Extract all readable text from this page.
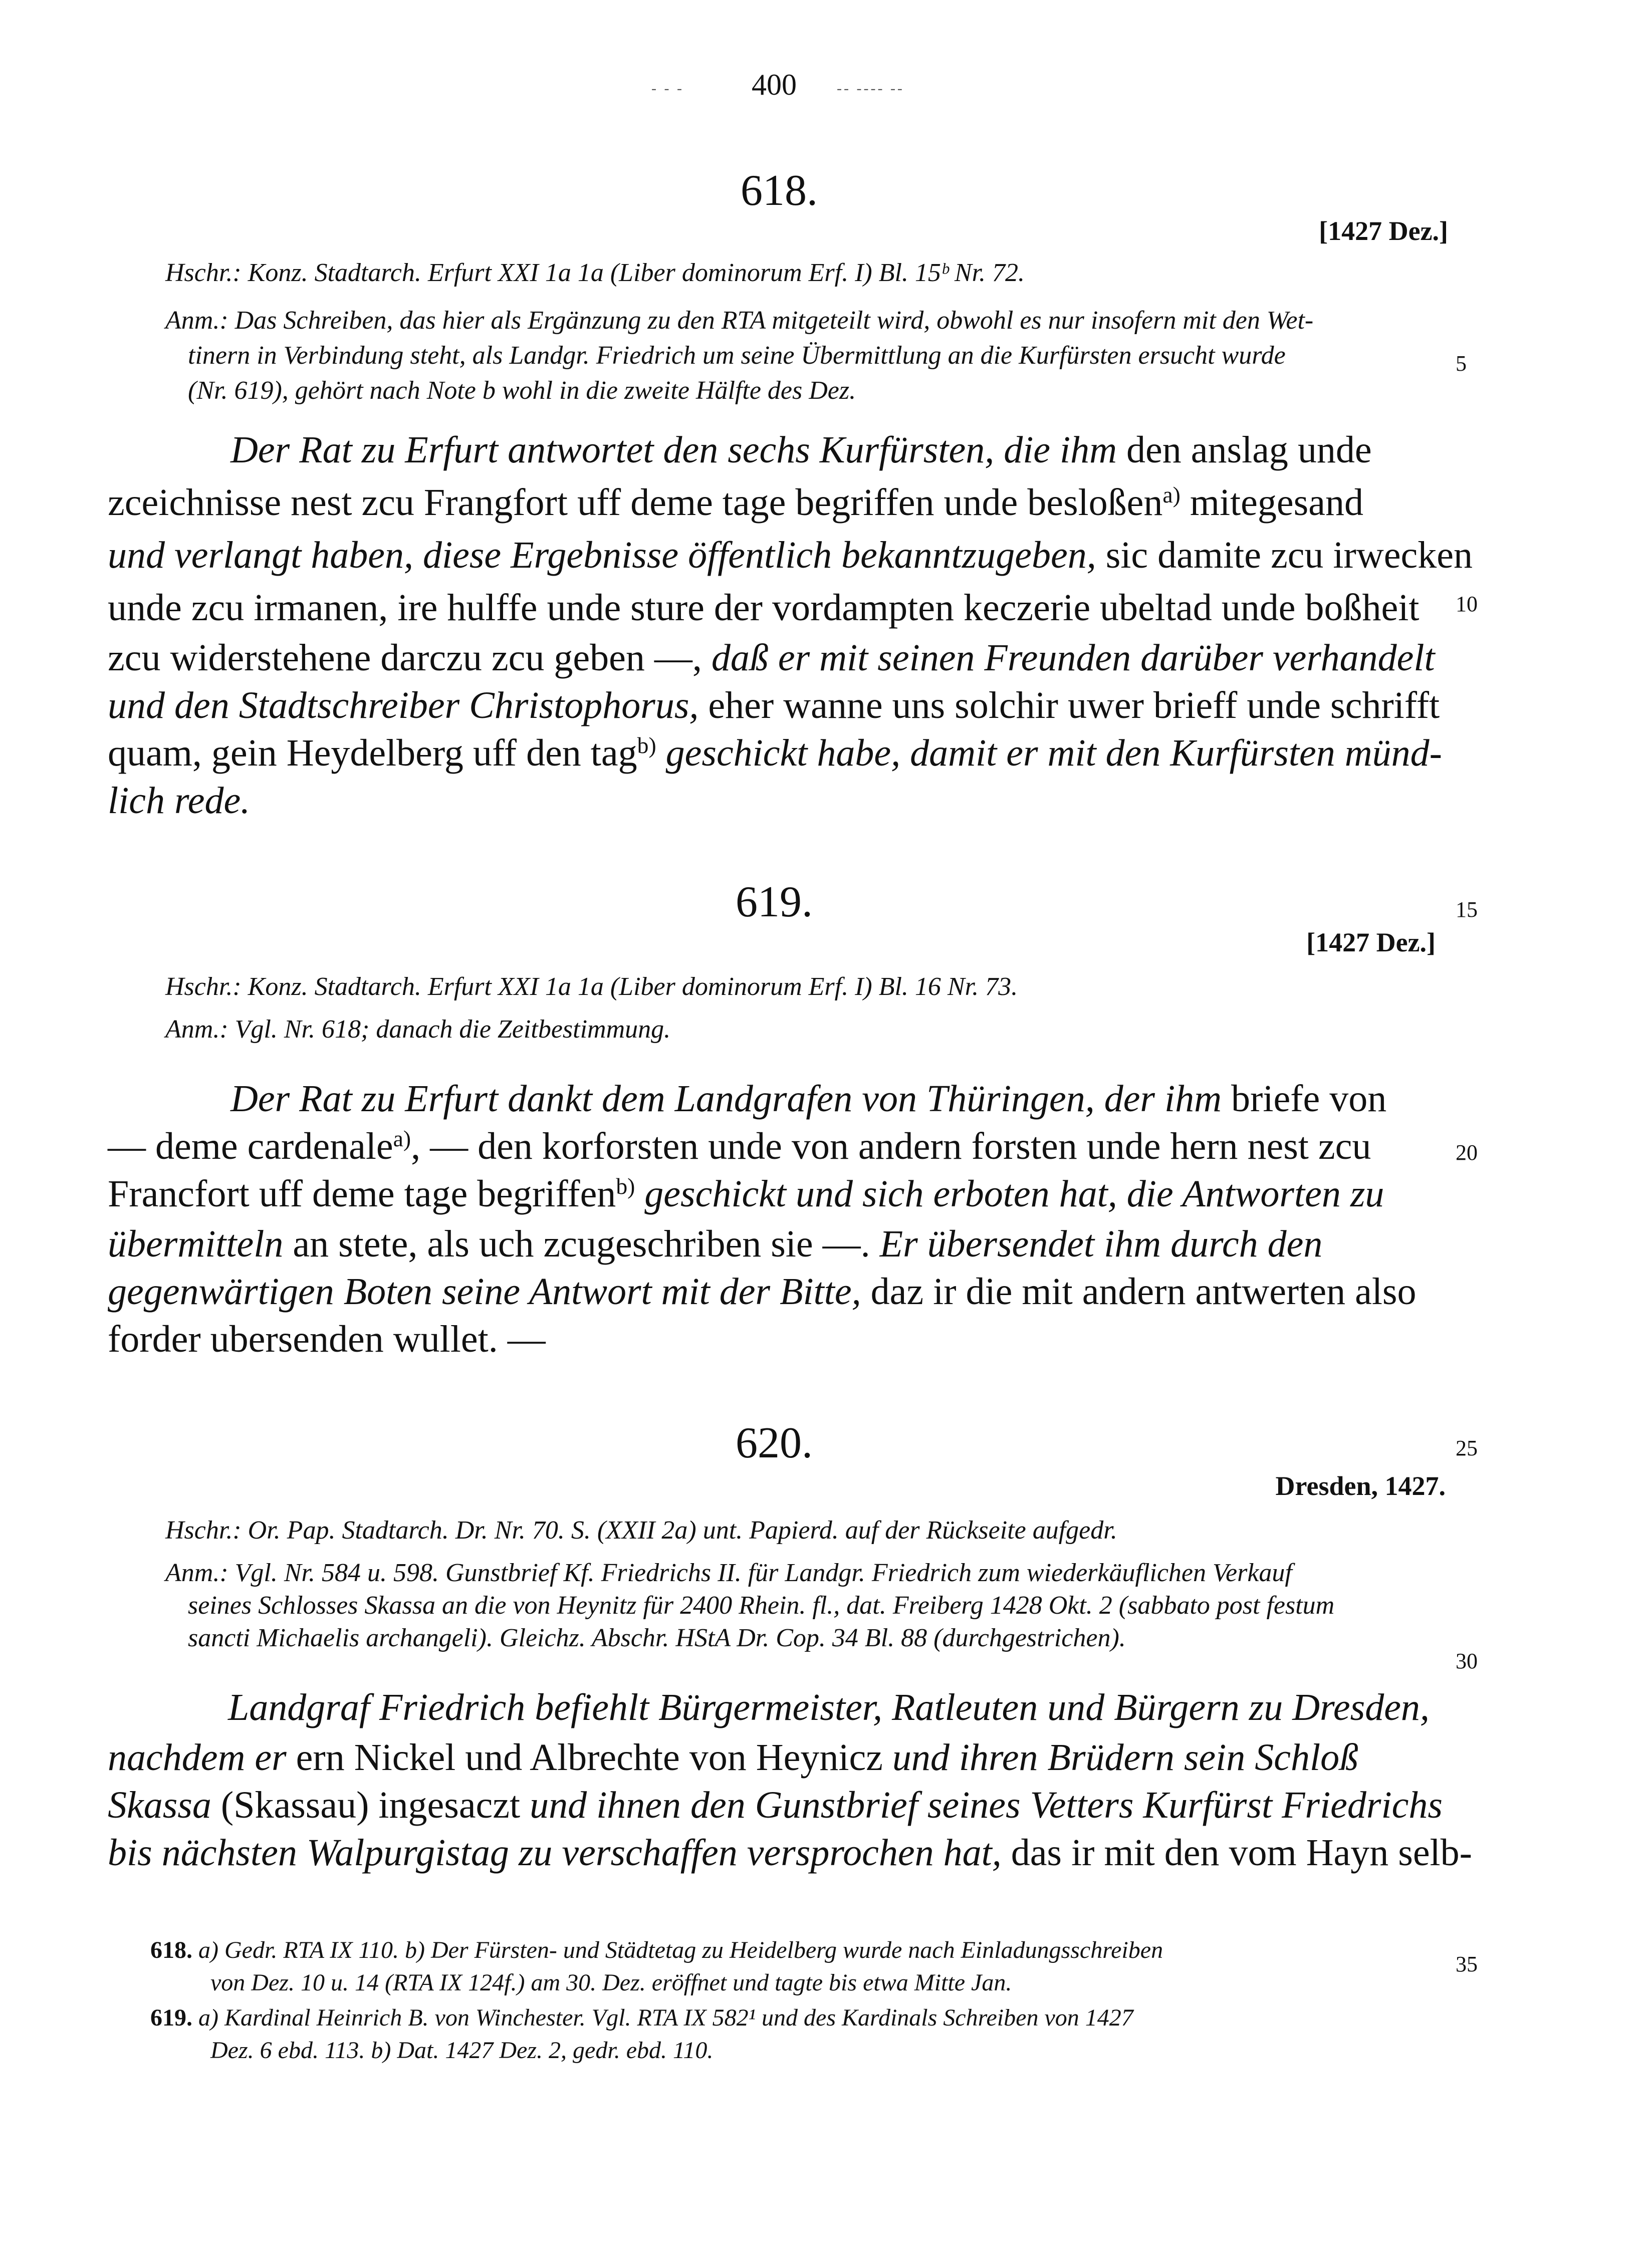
- - - 400	-- ---- --
618.
[1427 Dez.]
Hschr.: Konz. Stadtarch. Erfurt XXI 1a 1a (Liber dominorum Erf. I) Bl. 15ᵇ Nr. 72.
Anm.: Das Schreiben, das hier als Ergänzung zu den RTA mitgeteilt wird, obwohl es nur insofern mit den Wet-
tinern in Verbindung steht, als Landgr. Friedrich um seine Übermittlung an die Kurfürsten ersucht wurde
(Nr. 619), gehört nach Note b wohl in die zweite Hälfte des Dez.
Der Rat zu Erfurt antwortet den sechs Kurfürsten, die ihm den anslag unde
zceichnisse nest zcu Frangfort uff deme tage begriffen unde besloßen$^{a)}$ mitegesand
und verlangt haben, diese Ergebnisse öffentlich bekanntzugeben, sic damite zcu irwecken
unde zcu irmanen, ire hulffe unde sture der vordampten keczerie ubeltad unde boßheit
zcu widerstehene darczu zcu geben —, daß er mit seinen Freunden darüber verhandelt
und den Stadtschreiber Christophorus, eher wanne uns solchir uwer brieff unde schrifft
quam, gein Heydelberg uff den tag$^{b)}$ geschickt habe, damit er mit den Kurfürsten münd-
lich rede.
619.
[1427 Dez.]
Hschr.: Konz. Stadtarch. Erfurt XXI 1a 1a (Liber dominorum Erf. I) Bl. 16 Nr. 73.
Anm.: Vgl. Nr. 618; danach die Zeitbestimmung.
Der Rat zu Erfurt dankt dem Landgrafen von Thüringen, der ihm briefe von
— deme cardenale$^{a)}$, — den korforsten unde von andern forsten unde hern nest zcu
Francfort uff deme tage begriffen$^{b)}$ geschickt und sich erboten hat, die Antworten zu
übermitteln an stete, als uch zcugeschriben sie —. Er übersendet ihm durch den
gegenwärtigen Boten seine Antwort mit der Bitte, daz ir die mit andern antwerten also
forder ubersenden wullet. —
620.
Dresden, 1427.
Hschr.: Or. Pap. Stadtarch. Dr. Nr. 70. S. (XXII 2a) unt. Papierd. auf der Rückseite aufgedr.
Anm.: Vgl. Nr. 584 u. 598. Gunstbrief Kf. Friedrichs II. für Landgr. Friedrich zum wiederkäuflichen Verkauf
seines Schlosses Skassa an die von Heynitz für 2400 Rhein. fl., dat. Freiberg 1428 Okt. 2 (sabbato post festum
sancti Michaelis archangeli). Gleichz. Abschr. HStA Dr. Cop. 34 Bl. 88 (durchgestrichen).
Landgraf Friedrich befiehlt Bürgermeister, Ratleuten und Bürgern zu Dresden,
nachdem er ern Nickel und Albrechte von Heynicz und ihren Brüdern sein Schloß
Skassa (Skassau) ingesaczt und ihnen den Gunstbrief seines Vetters Kurfürst Friedrichs
bis nächsten Walpurgistag zu verschaffen versprochen hat, das ir mit den vom Hayn selb-
618. a) Gedr. RTA IX 110. b) Der Fürsten- und Städtetag zu Heidelberg wurde nach Einladungsschreiben
von Dez. 10 u. 14 (RTA IX 124f.) am 30. Dez. eröffnet und tagte bis etwa Mitte Jan.
619. a) Kardinal Heinrich B. von Winchester. Vgl. RTA IX 582¹ und des Kardinals Schreiben von 1427
Dez. 6 ebd. 113. b) Dat. 1427 Dez. 2, gedr. ebd. 110.
5
10
15
20
25
30
35
